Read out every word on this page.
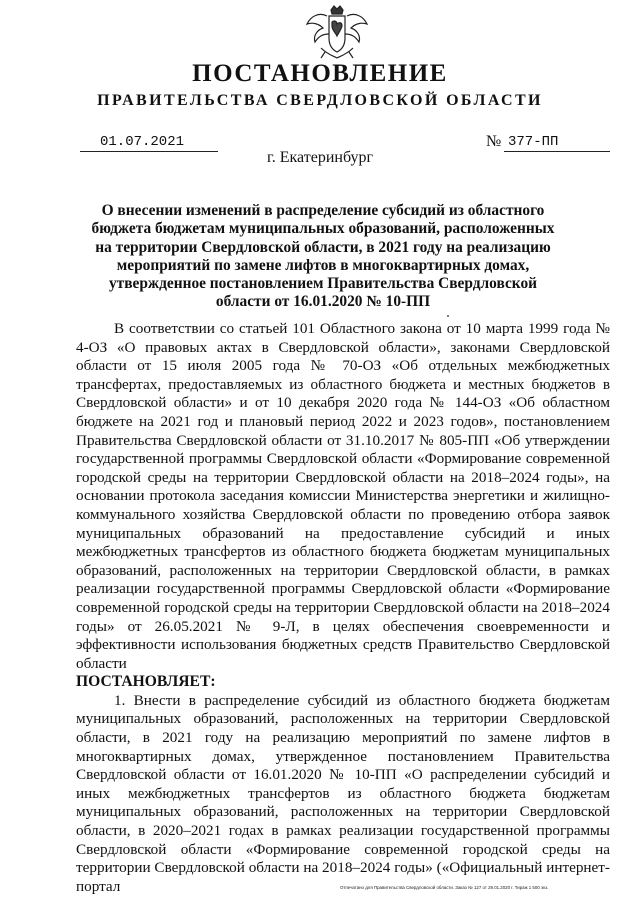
ПОСТАНОВЛЕНИЕ
ПРАВИТЕЛЬСТВА СВЕРДЛОВСКОЙ ОБЛАСТИ
01.07.2021	№ 377-ПП
г. Екатеринбург
О внесении изменений в распределение субсидий из областного бюджета бюджетам муниципальных образований, расположенных на территории Свердловской области, в 2021 году на реализацию мероприятий по замене лифтов в многоквартирных домах, утвержденное постановлением Правительства Свердловской области от 16.01.2020 № 10-ПП

В соответствии со статьей 101 Областного закона от 10 марта 1999 года № 4-ОЗ «О правовых актах в Свердловской области», законами Свердловской области от 15 июля 2005 года № 70-ОЗ «Об отдельных межбюджетных трансфертах, предоставляемых из областного бюджета и местных бюджетов в Свердловской области» и от 10 декабря 2020 года № 144-ОЗ «Об областном бюджете на 2021 год и плановый период 2022 и 2023 годов», постановлением Правительства Свердловской области от 31.10.2017 № 805-ПП «Об утверждении государственной программы Свердловской области «Формирование современной городской среды на территории Свердловской области на 2018–2024 годы», на основании протокола заседания комиссии Министерства энергетики и жилищно-коммунального хозяйства Свердловской области по проведению отбора заявок муниципальных образований на предоставление субсидий и иных межбюджетных трансфертов из областного бюджета бюджетам муниципальных образований, расположенных на территории Свердловской области, в рамках реализации государственной программы Свердловской области «Формирование современной городской среды на территории Свердловской области на 2018–2024 годы» от 26.05.2021 № 9-Л, в целях обеспечения своевременности и эффективности использования бюджетных средств Правительство Свердловской области

ПОСТАНОВЛЯЕТ:

1. Внести в распределение субсидий из областного бюджета бюджетам муниципальных образований, расположенных на территории Свердловской области, в 2021 году на реализацию мероприятий по замене лифтов в многоквартирных домах, утвержденное постановлением Правительства Свердловской области от 16.01.2020 № 10-ПП «О распределении субсидий и иных межбюджетных трансфертов из областного бюджета бюджетам муниципальных образований, расположенных на территории Свердловской области, в 2020–2021 годах в рамках реализации государственной программы Свердловской области «Формирование современной городской среды на территории Свердловской области на 2018–2024 годы» («Официальный интернет-портал	Отпечатано для Правительства Свердловской области. Заказ № 127 от 29.01.2020 г. Тираж 1 500 экз.
